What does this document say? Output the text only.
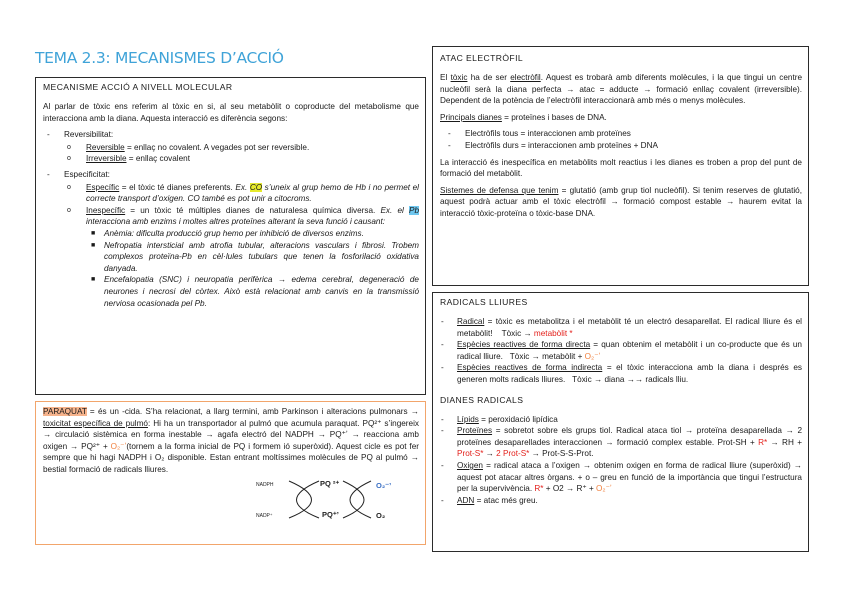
TEMA 2.3: MECANISMES D’ACCIÓ
MECANISME ACCIÓ A NIVELL MOLECULAR

Al parlar de tòxic ens referim al tòxic en si, al seu metabòlit o coproducte del metabolisme que interacciona amb la diana. Aquesta interacció es diferència segons:

- Reversibilitat:
o Reversible = enllaç no covalent. A vegades pot ser reversible.
o Irreversible = enllaç covalent
- Especificitat:
o Específic = el tòxic té dianes preferents. Ex. CO s’uneix al grup hemo de Hb i no permet el correcte transport d’oxigen. CO també es pot unir a citocroms.
o Inespecífic = un tòxic té múltiples dianes de naturalesa química diversa. Ex. el Pb interacciona amb enzims i moltes altres proteïnes alterant la seva funció i causant:
■ Anèmia: dificulta producció grup hemo per inhibició de diversos enzims.
■ Nefropatia intersticial amb atrofia tubular, alteracions vasculars i fibrosi. Trobem complexos proteïna-Pb en cèl·lules tubulars que tenen la fosforilació oxidativa danyada.
■ Encefalopatia (SNC) i neuropatia perifèrica → edema cerebral, degeneració de neurones i necrosi del còrtex. Això està relacionat amb canvis en la transmissió nerviosa ocasionada pel Pb.

PARAQUAT = és un -cida. S’ha relacionat, a llarg termini, amb Parkinson i alteracions pulmonars → toxicitat específica de pulmó: Hi ha un transportador al pulmó que acumula paraquat. PQ²⁺ s’ingereix → circulació sistèmica en forma inestable → agafa electró del NADPH → PQ⁺ʼ → reacciona amb oxigen → PQ²⁺ + O₂⁻ʼ(tornem a la forma inicial de PQ i formem ió superòxid). Aquest cicle es pot fer sempre que hi hagi NADPH i O₂ disponible. Estan entrant moltíssimes molècules de PQ al pulmó → bestial formació de radicals lliures.

NADPH
NADP⁺
PQ ²⁺
PQ⁺ʼ
O₂⁻ʼ
O₂
ATAC ELECTRÒFIL

El tòxic ha de ser electròfil. Aquest es trobarà amb diferents molècules, i la que tingui un centre nucleòfil serà la diana perfecta → atac = adducte → formació enllaç covalent (irreversible). Dependent de la potència de l’electròfil interaccionarà amb més o menys molècules.

Principals dianes = proteïnes i bases de DNA.

- Electròfils tous = interaccionen amb proteïnes
- Electròfils durs = interaccionen amb proteïnes + DNA

La interacció és inespecífica en metabòlits molt reactius i les dianes es troben a prop del punt de formació del metabòlit.

Sistemes de defensa que tenim = glutatió (amb grup tiol nucleòfil). Si tenim reserves de glutatió, aquest podrà actuar amb el tòxic electròfil → formació compost estable → haurem evitat la interacció tòxic-proteïna o tòxic-base DNA.

RADICALS LLIURES
- Radical = tòxic es metabolitza i el metabòlit té un electró desaparellat. El radical lliure és el metabòlit! Tòxic → metabòlit *
- Espècies reactives de forma directa = quan obtenim el metabòlit i un co-producte que és un radical lliure. Tòxic → metabòlit + O₂⁻ʼ
- Espècies reactives de forma indirecta = el tòxic interacciona amb la diana i després es generen molts radicals lliures. Tòxic → diana →→ radicals lliu.
DIANES RADICALS
- Lípids = peroxidació lipídica
- Proteïnes = sobretot sobre els grups tiol. Radical ataca tiol → proteïna desaparellada → 2 proteïnes desaparellades interaccionen → formació complex estable. Prot-SH + R* → RH + Prot-S* → 2 Prot-S* → Prot-S-S-Prot.
- Oxigen = radical ataca a l’oxigen → obtenim oxigen en forma de radical lliure (superòxid) → aquest pot atacar altres òrgans. + o – greu en funció de la importància que tingui l’estructura per la supervivència. R* + O2 → R⁺ + O₂⁻ʼ
- ADN = atac més greu.
